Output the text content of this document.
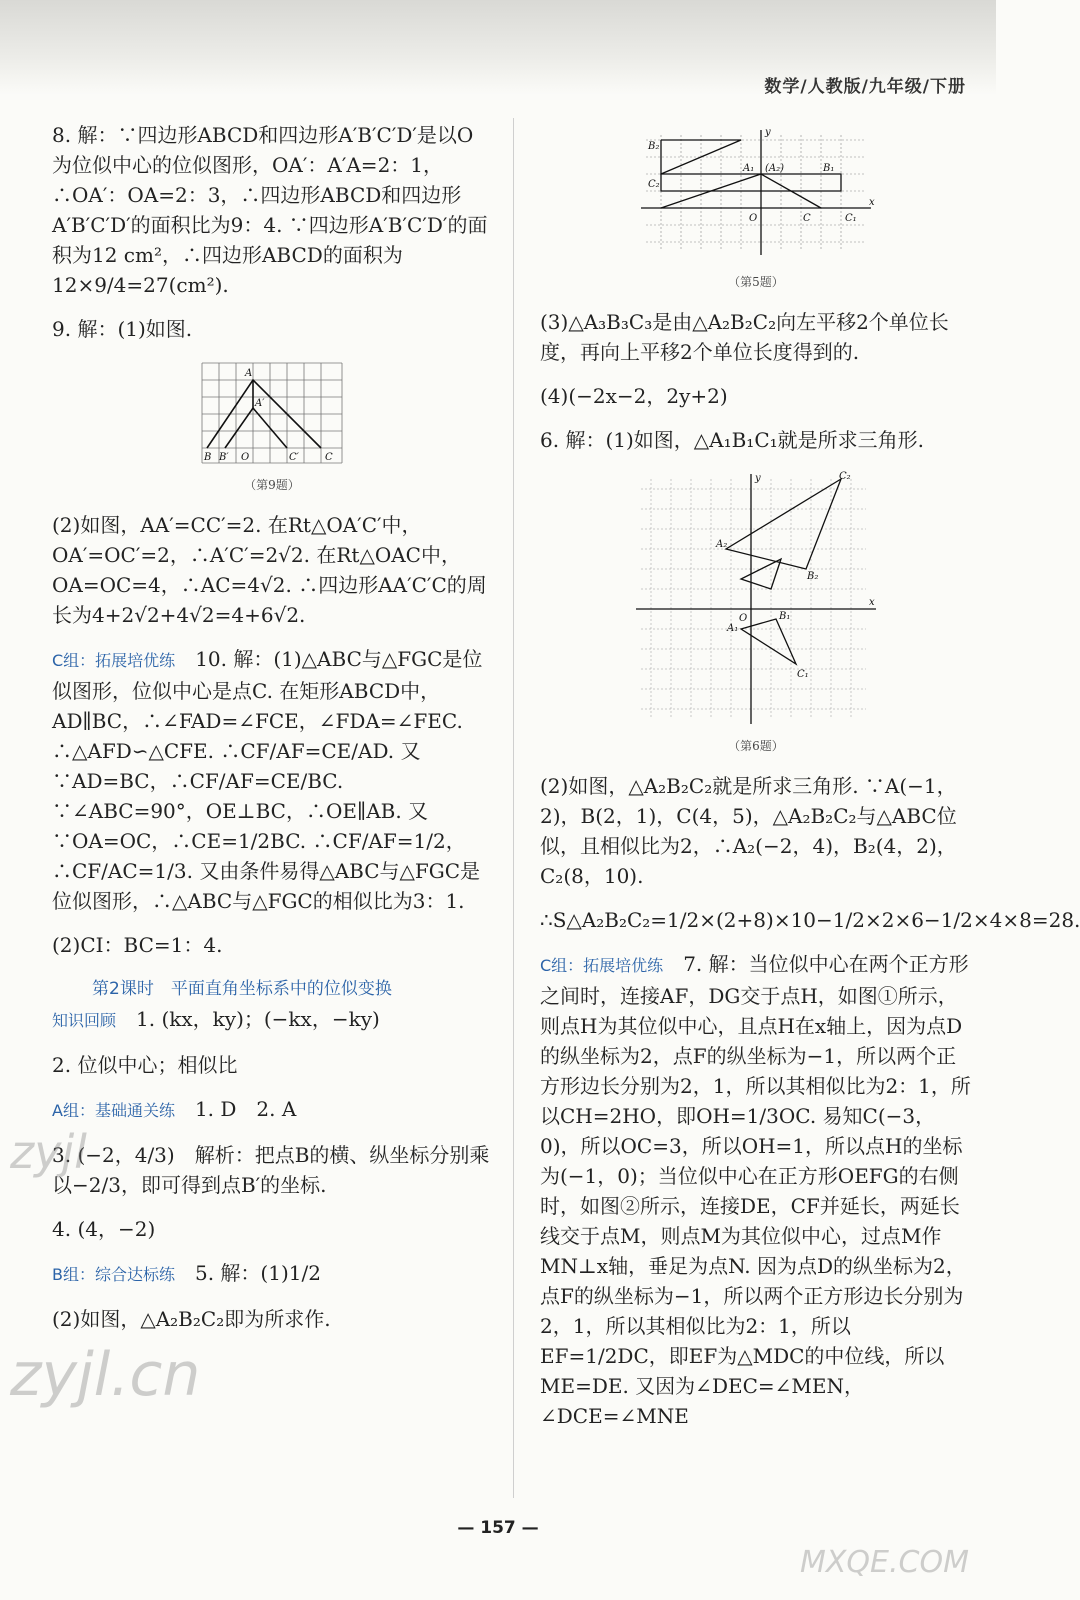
数学/人教版/九年级/下册

8. 解：∵四边形ABCD和四边形A′B′C′D′是以O为位似中心的位似图形，OA′：A′A=2：1，∴OA′：OA=2：3，∴四边形ABCD和四边形A′B′C′D′的面积比为9：4. ∵四边形A′B′C′D′的面积为12 cm²，∴四边形ABCD的面积为12×9/4=27(cm²).

9. 解：(1)如图.

A
A′
B B′ O	C′	C
（第9题）

(2)如图，AA′=CC′=2. 在Rt△OA′C′中，OA′=OC′=2，∴A′C′=2√2. 在Rt△OAC中，OA=OC=4，∴AC=4√2. ∴四边形AA′C′C的周长为4+2√2+4√2=4+6√2.

C组：拓展培优练　 10. 解：(1)△ABC与△FGC是位似图形，位似中心是点C. 在矩形ABCD中，AD∥BC，∴∠FAD=∠FCE，∠FDA=∠FEC. ∴△AFD∽△CFE. ∴CF/AF=CE/AD. 又∵AD=BC，∴CF/AF=CE/BC. ∵∠ABC=90°，OE⊥BC，∴OE∥AB. 又∵OA=OC，∴CE=1/2BC. ∴CF/AF=1/2，∴CF/AC=1/3. 又由条件易得△ABC与△FGC是位似图形，∴△ABC与△FGC的相似比为3：1.

(2)CI：BC=1：4.

第2课时　平面直角坐标系中的位似变换

知识回顾　 1. (kx，ky)；(−kx，−ky)

2. 位似中心；相似比

A组：基础通关练　 1. D　2. A

3. (−2，4/3)　解析：把点B的横、纵坐标分别乘以−2/3，即可得到点B′的坐标.

4. (4，−2)

B组：综合达标练　 5. 解：(1)1/2

(2)如图，△A₂B₂C₂即为所求作.

y
x
O
B₂
A₁ (A₂)	B₁
C₂
C	C₁
（第5题）

(3)△A₃B₃C₃是由△A₂B₂C₂向左平移2个单位长度，再向上平移2个单位长度得到的.

(4)(−2x−2，2y+2)

6. 解：(1)如图，△A₁B₁C₁就是所求三角形.

y
x
O
C₂
A₂
B₂
A₁
B₁
C₁
（第6题）

(2)如图，△A₂B₂C₂就是所求三角形. ∵A(−1，2)，B(2，1)，C(4，5)，△A₂B₂C₂与△ABC位似，且相似比为2，∴A₂(−2，4)，B₂(4，2)，C₂(8，10).

∴S△A₂B₂C₂=1/2×(2+8)×10−1/2×2×6−1/2×4×8=28.

C组：拓展培优练　 7. 解：当位似中心在两个正方形之间时，连接AF，DG交于点H，如图①所示，则点H为其位似中心，且点H在x轴上，因为点D的纵坐标为2，点F的纵坐标为−1，所以两个正方形边长分别为2，1，所以其相似比为2：1，所以CH=2HO，即OH=1/3OC. 易知C(−3，0)，所以OC=3，所以OH=1，所以点H的坐标为(−1，0)；当位似中心在正方形OEFG的右侧时，如图②所示，连接DE，CF并延长，两延长线交于点M，则点M为其位似中心，过点M作MN⊥x轴，垂足为点N. 因为点D的纵坐标为2，点F的纵坐标为−1，所以两个正方形边长分别为2，1，所以其相似比为2：1，所以EF=1/2DC，即EF为△MDC的中位线，所以ME=DE. 又因为∠DEC=∠MEN，∠DCE=∠MNE

— 157 —
zyjl
zyjl.cn
MXQE.COM
